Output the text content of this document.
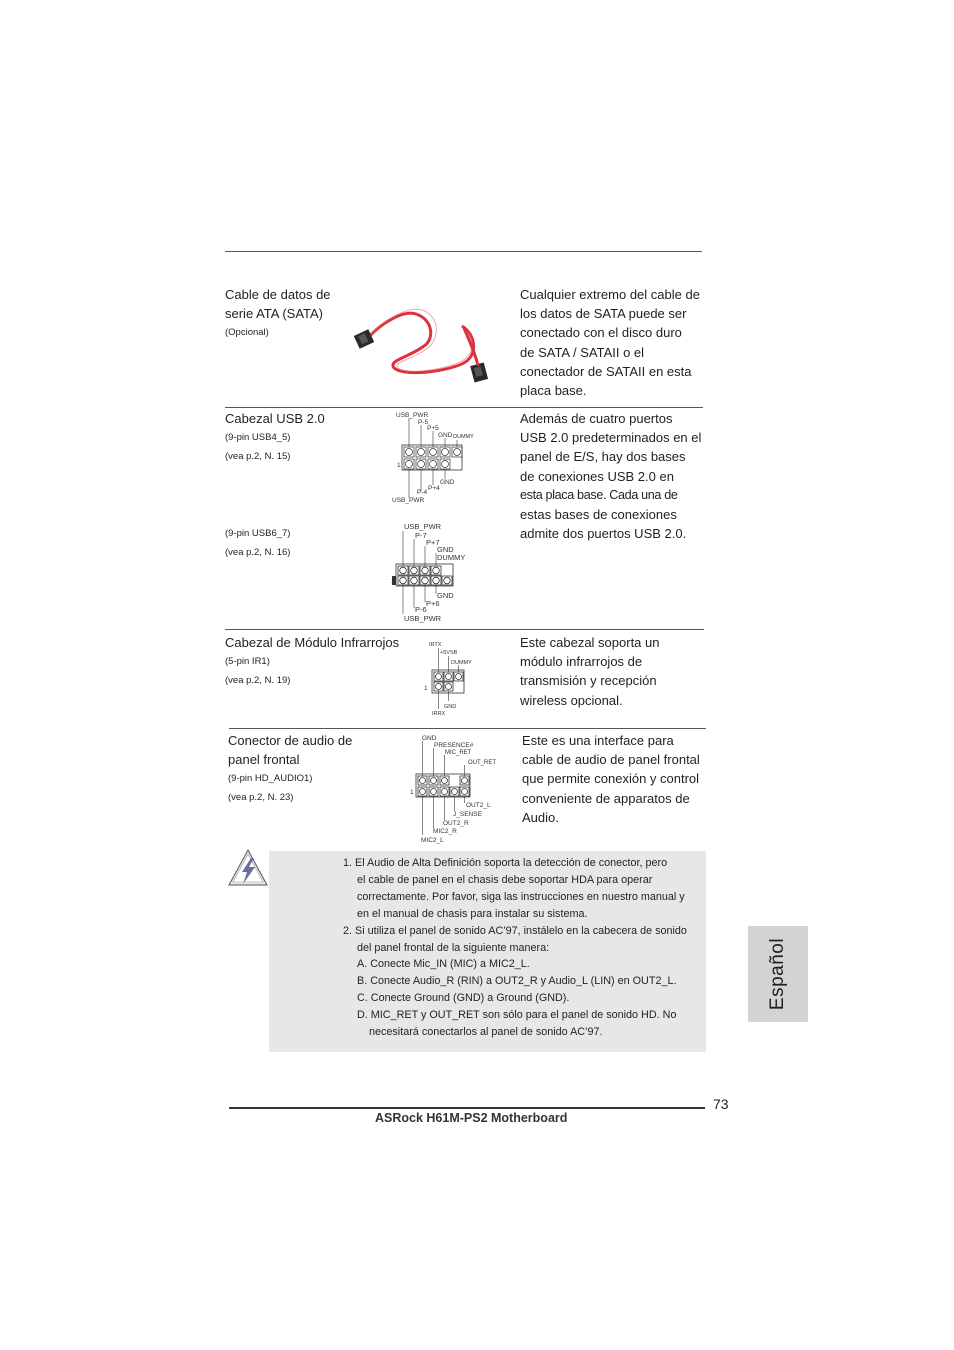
Cable de datos de
serie ATA (SATA)
(Opcional)
Cualquier extremo del cable de
los datos de SATA puede ser
conectado con el disco duro
de SATA / SATAII o el
conectador de SATAII en esta
placa base.
Cabezal USB 2.0
(9-pin USB4_5)
(vea p.2, N. 15)
USB_PWR
P-5
P+5
GND DUMMY
1
GND
P+4
P-4
USB_PWR
(9-pin USB6_7)
(vea p.2, N. 16)
USB_PWR
P-7
P+7
GND
DUMMY
1
GND
P+6
P-6
USB_PWR
Además de cuatro puertos
USB 2.0 predeterminados en el
panel de E/S, hay dos bases
de conexiones USB 2.0 en
esta placa base. Cada una de
estas bases de conexiones
admite dos puertos USB 2.0.
Cabezal de Módulo Infrarrojos
(5-pin IR1)
(vea p.2, N. 19)
IRTX
+5VSB
DUMMY
1
GND
IRRX
Este cabezal soporta un
módulo infrarrojos de
transmisión y recepción
wireless opcional.
Conector de audio de
panel frontal
(9-pin HD_AUDIO1)
(vea p.2, N. 23)
GND
PRESENCE#
MIC_RET
OUT_RET
1
OUT2_L
J_SENSE
OUT2_R
MIC2_R
MIC2_L
Este es una interface para
cable de audio de panel frontal
que permite conexión y control
conveniente de apparatos de
Audio.
1. El Audio de Alta Definición soporta la detección de conector, pero
el cable de panel en el chasis debe soportar HDA para operar
correctamente. Por favor, siga las instrucciones en nuestro manual y
en el manual de chasis para instalar su sistema.
2. Si utiliza el panel de sonido AC’97, instálelo en la cabecera de sonido
del panel frontal de la siguiente manera:
A. Conecte Mic_IN (MIC) a MIC2_L.
B. Conecte Audio_R (RIN) a OUT2_R y Audio_L (LIN) en OUT2_L.
C. Conecte Ground (GND) a Ground (GND).
D. MIC_RET y OUT_RET son sólo para el panel de sonido HD. No
necesitará conectarlos al panel de sonido AC’97.
Español
73
ASRock H61M-PS2 Motherboard
